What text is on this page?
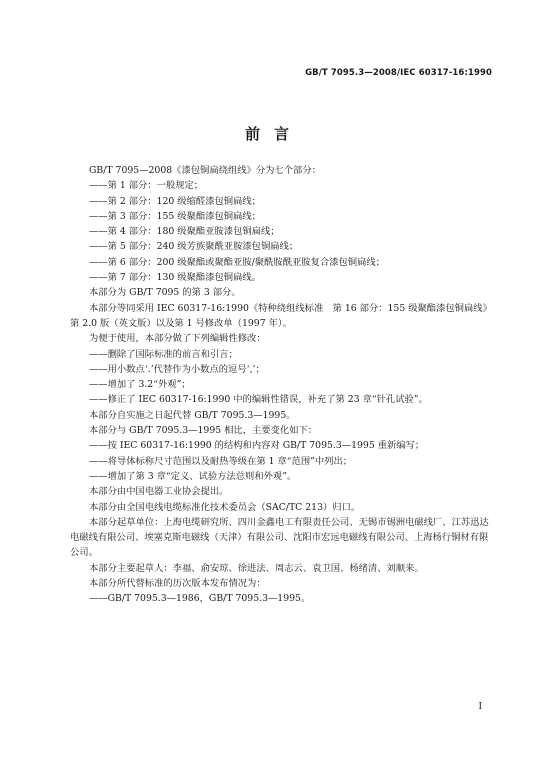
GB/T 7095.3—2008/IEC 60317-16:1990
前言

GB/T 7095—2008《漆包铜扁绕组线》分为七个部分：

——第 1 部分：一般规定；

——第 2 部分：120 级缩醛漆包铜扁线；

——第 3 部分：155 级聚酯漆包铜扁线；

——第 4 部分：180 级聚酯亚胺漆包铜扁线；

——第 5 部分：240 级芳族聚酰亚胺漆包铜扁线；

——第 6 部分：200 级聚酯或聚酯亚胺/聚酰胺酰亚胺复合漆包铜扁线；

——第 7 部分：130 级聚酯漆包铜扁线。

本部分为 GB/T 7095 的第 3 部分。

本部分等同采用 IEC 60317-16:1990《特种绕组线标准　第 16 部分：155 级聚酯漆包铜扁线》

第 2.0 版（英文版）以及第 1 号修改单（1997 年）。

为便于使用，本部分做了下列编辑性修改：

——删除了国际标准的前言和引言；

——用小数点‘.’代替作为小数点的逗号‘,’；

——增加了 3.2“外观”；

——修正了 IEC 60317-16:1990 中的编辑性错误，补充了第 23 章“针孔试验”。

本部分自实施之日起代替 GB/T 7095.3—1995。

本部分与 GB/T 7095.3—1995 相比，主要变化如下：

——按 IEC 60317-16:1990 的结构和内容对 GB/T 7095.3—1995 重新编写；

——将导体标称尺寸范围以及耐热等级在第 1 章“范围”中列出；

——增加了第 3 章“定义、试验方法总则和外观”。

本部分由中国电器工业协会提出。

本部分由全国电线电缆标准化技术委员会（SAC/TC 213）归口。

本部分起草单位：上海电缆研究所、四川金鑫电工有限责任公司、无锡市锡洲电磁线厂、江苏迅达

电磁线有限公司、埃塞克斯电磁线（天津）有限公司、沈阳市宏远电磁线有限公司、上海杨行铜材有限

公司。

本部分主要起草人：李福、俞安琼、徐进法、周志云、袁卫国、杨绪清、刘顺来。

本部分所代替标准的历次版本发布情况为：

——GB/T 7095.3—1986，GB/T 7095.3—1995。

I
